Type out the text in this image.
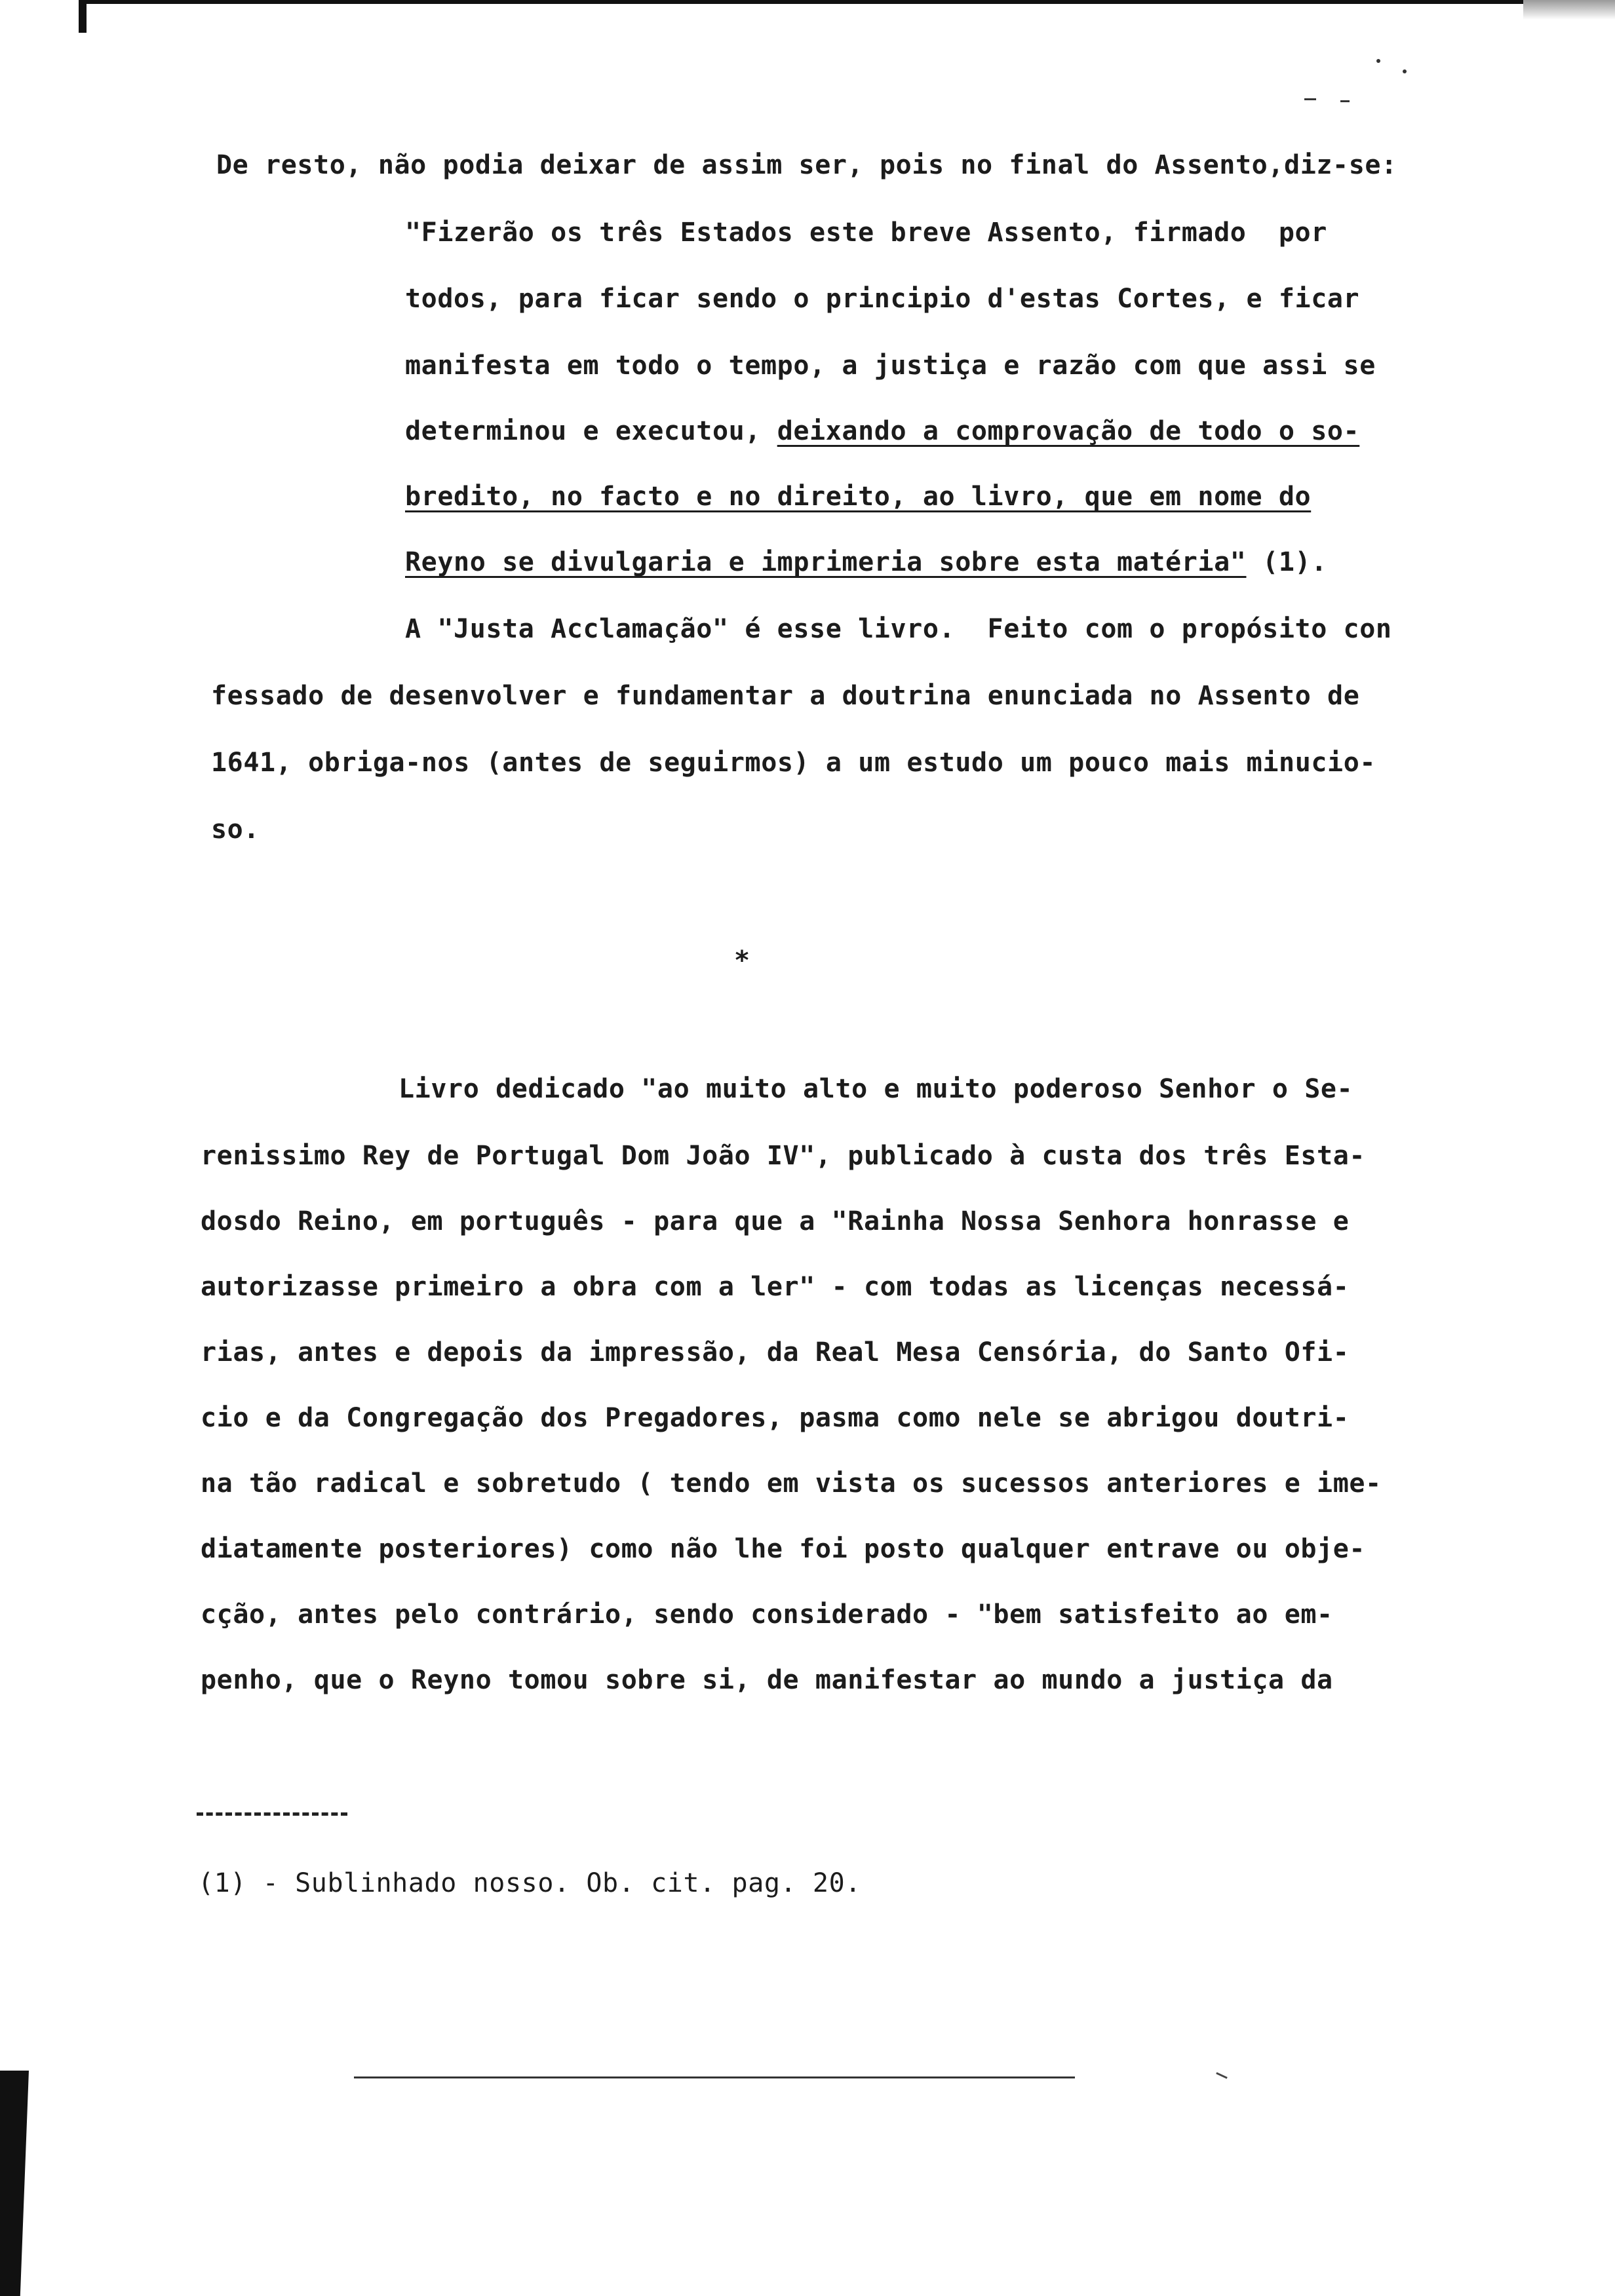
De resto, não podia deixar de assim ser, pois no final do Assento,diz-se:
"Fizerão os três Estados este breve Assento, firmado  por
todos, para ficar sendo o principio d'estas Cortes, e ficar
manifesta em todo o tempo, a justiça e razão com que assi se
determinou e executou, deixando a comprovação de todo o so-
bredito, no facto e no direito, ao livro, que em nome do
Reyno se divulgaria e imprimeria sobre esta matéria" (1).
A "Justa Acclamação" é esse livro.  Feito com o propósito con
fessado de desenvolver e fundamentar a doutrina enunciada no Assento de
1641, obriga-nos (antes de seguirmos) a um estudo um pouco mais minucio-
so.
*
Livro dedicado "ao muito alto e muito poderoso Senhor o Se-
renissimo Rey de Portugal Dom João IV", publicado à custa dos três Esta-
dosdo Reino, em português - para que a "Rainha Nossa Senhora honrasse e
autorizasse primeiro a obra com a ler" - com todas as licenças necessá-
rias, antes e depois da impressão, da Real Mesa Censória, do Santo Ofi-
cio e da Congregação dos Pregadores, pasma como nele se abrigou doutri-
na tão radical e sobretudo ( tendo em vista os sucessos anteriores e ime-
diatamente posteriores) como não lhe foi posto qualquer entrave ou obje-
cção, antes pelo contrário, sendo considerado - "bem satisfeito ao em-
penho, que o Reyno tomou sobre si, de manifestar ao mundo a justiça da
(1) - Sublinhado nosso. Ob. cit. pag. 20.
